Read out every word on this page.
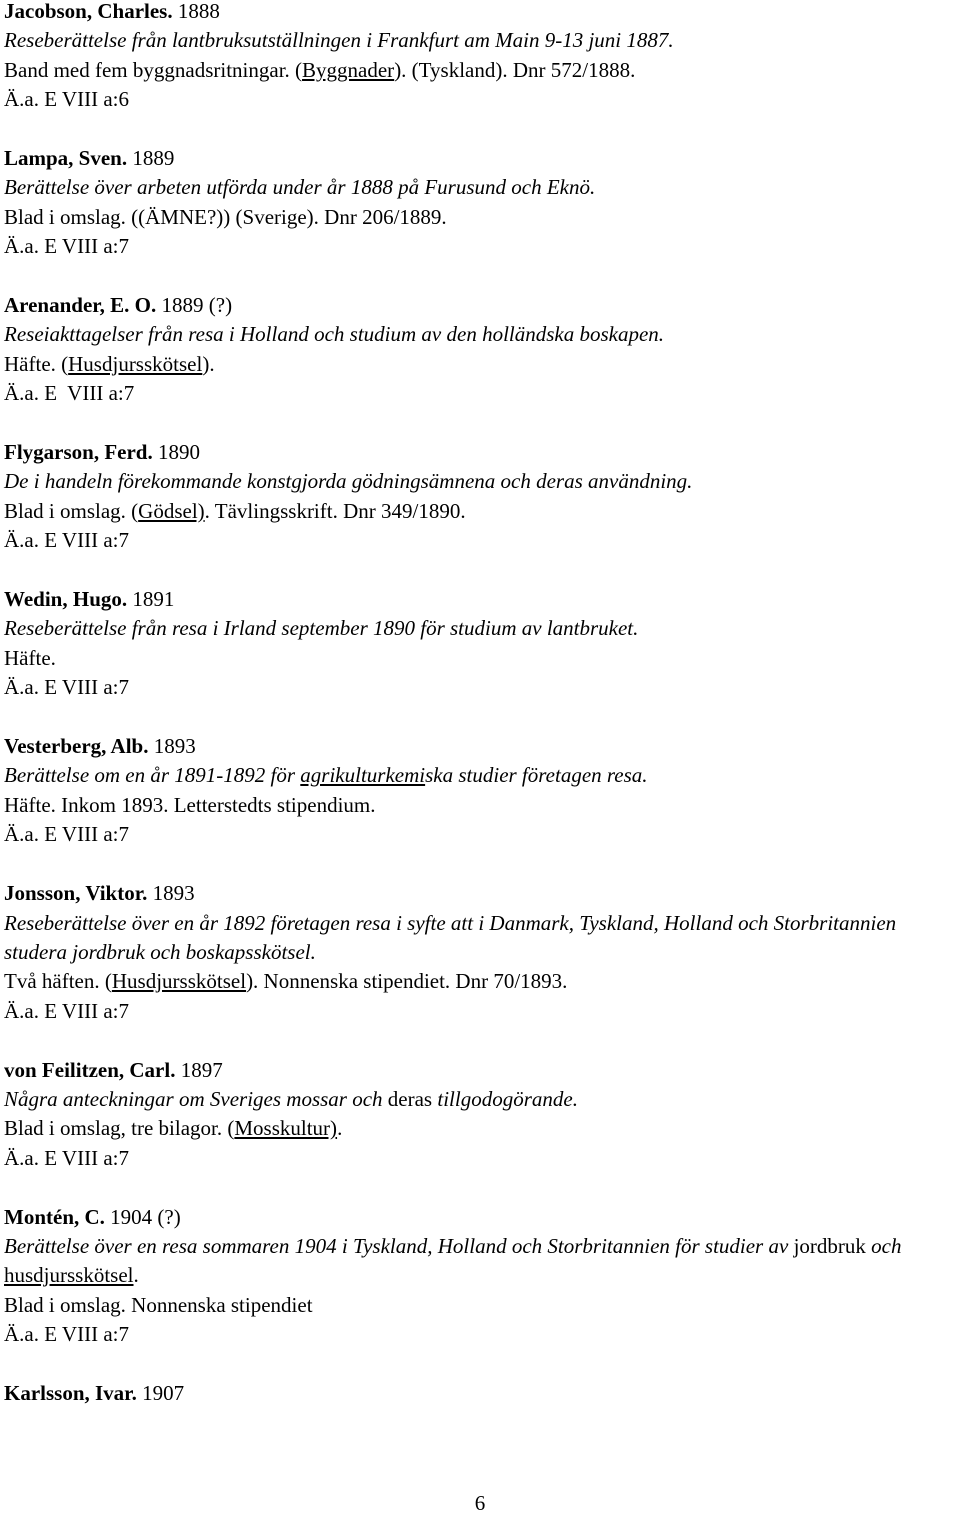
Jacobson, Charles. 1888
Reseberättelse från lantbruksutställningen i Frankfurt am Main 9-13 juni 1887.
Band med fem byggnadsritningar. (Byggnader). (Tyskland). Dnr 572/1888.
Ä.a. E VIII a:6
Lampa, Sven. 1889
Berättelse över arbeten utförda under år 1888 på Furusund och Eknö.
Blad i omslag. ((ÄMNE?)) (Sverige). Dnr 206/1889.
Ä.a. E VIII a:7
Arenander, E. O. 1889 (?)
Reseiakttagelser från resa i Holland och studium av den holländska boskapen.
Häfte. (Husdjursskötsel).
Ä.a. E  VIII a:7
Flygarson, Ferd. 1890
De i handeln förekommande konstgjorda gödningsämnena och deras användning.
Blad i omslag. (Gödsel). Tävlingsskrift. Dnr 349/1890.
Ä.a. E VIII a:7
Wedin, Hugo. 1891
Reseberättelse från resa i Irland september 1890 för studium av lantbruket.
Häfte.
Ä.a. E VIII a:7
Vesterberg, Alb. 1893
Berättelse om en år 1891-1892 för agrikulturkemiska studier företagen resa.
Häfte. Inkom 1893. Letterstedts stipendium.
Ä.a. E VIII a:7
Jonsson, Viktor. 1893
Reseberättelse över en år 1892 företagen resa i syfte att i Danmark, Tyskland, Holland och Storbritannien studera jordbruk och boskapsskötsel.
Två häften. (Husdjursskötsel). Nonnenska stipendiet. Dnr 70/1893.
Ä.a. E VIII a:7
von Feilitzen, Carl. 1897
Några anteckningar om Sveriges mossar och deras tillgodogörande.
Blad i omslag, tre bilagor. (Mosskultur).
Ä.a. E VIII a:7
Montén, C. 1904 (?)
Berättelse över en resa sommaren 1904 i Tyskland, Holland och Storbritannien för studier av jordbruk och husdjursskötsel.
Blad i omslag. Nonnenska stipendiet
Ä.a. E VIII a:7
Karlsson, Ivar. 1907
6
